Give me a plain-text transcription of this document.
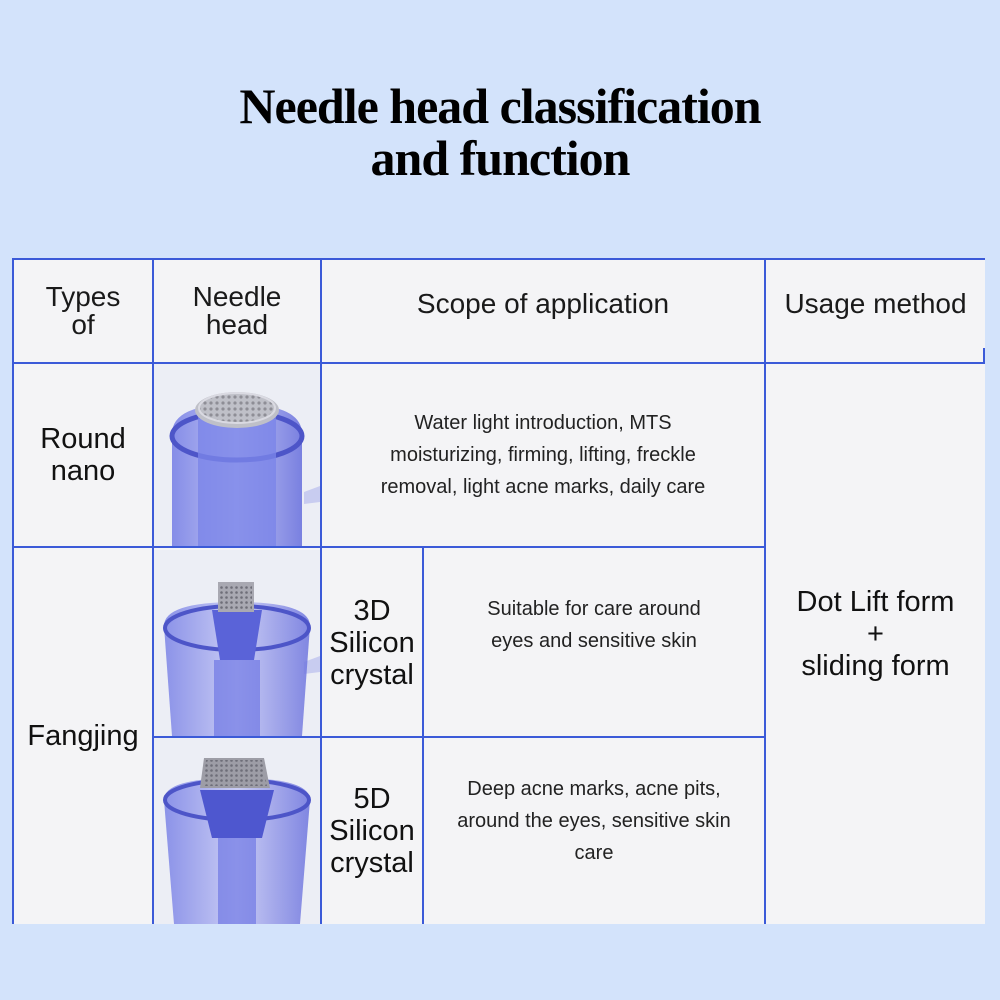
Needle head classification
and function
Types of
Needle head
Scope of application	Usage method
Round nano
Water light introduction, MTS moisturizing, firming, lifting, freckle removal, light acne marks, daily care
Dot Lift form
+
sliding form
Fangjing
3D Silicon crystal
Suitable for care around eyes and sensitive skin
5D Silicon crystal
Deep acne marks, acne pits, around the eyes, sensitive skin care
